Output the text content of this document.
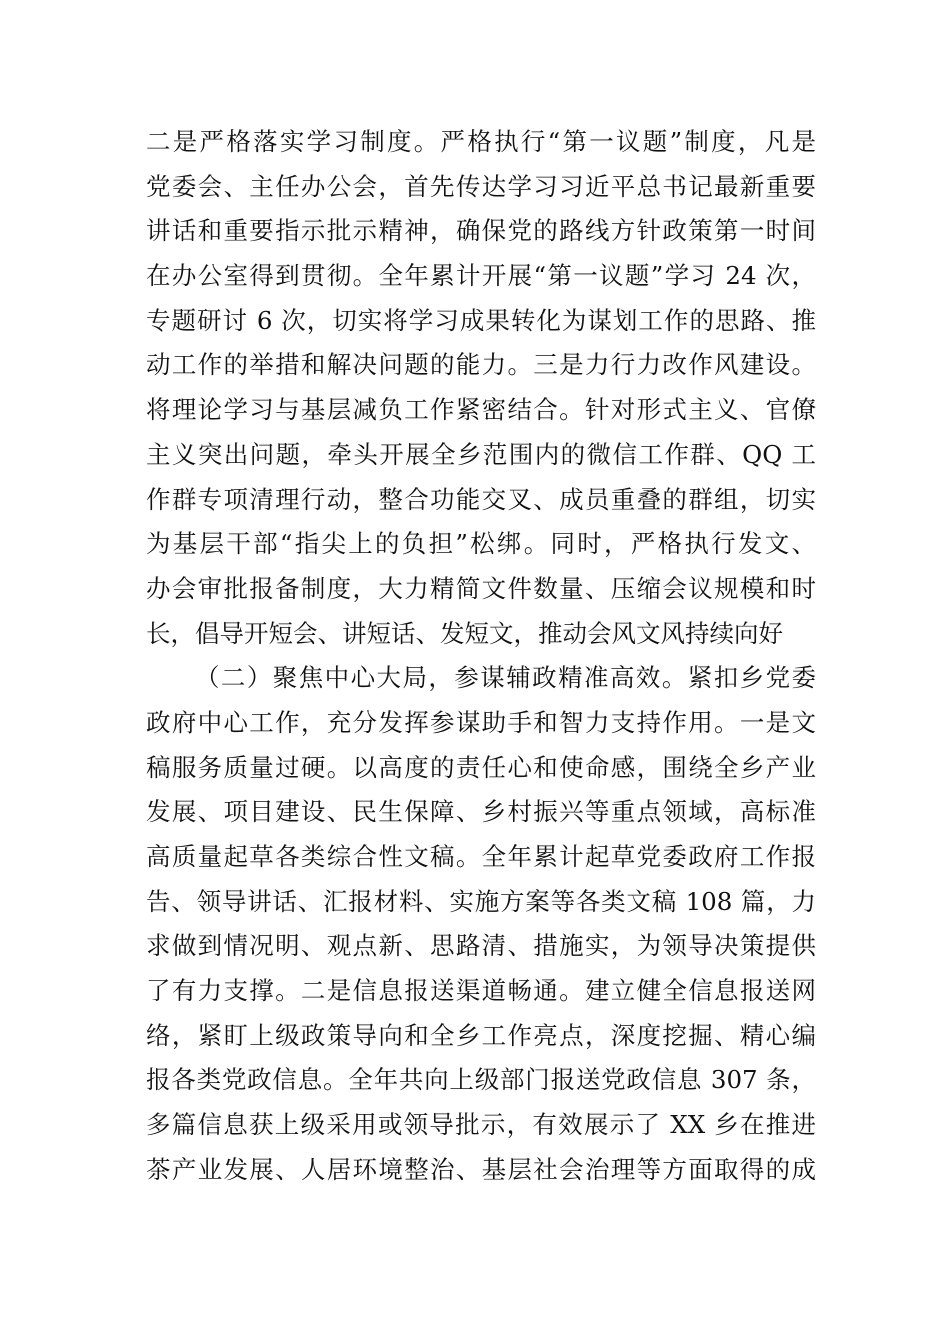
二是严格落实学习制度。严格执行“第一议题”制度，凡是
党委会、主任办公会，首先传达学习习近平总书记最新重要
讲话和重要指示批示精神，确保党的路线方针政策第一时间
在办公室得到贯彻。全年累计开展“第一议题”学习 24 次，
专题研讨 6 次，切实将学习成果转化为谋划工作的思路、推
动工作的举措和解决问题的能力。三是力行力改作风建设。
将理论学习与基层减负工作紧密结合。针对形式主义、官僚
主义突出问题，牵头开展全乡范围内的微信工作群、QQ 工
作群专项清理行动，整合功能交叉、成员重叠的群组，切实
为基层干部“指尖上的负担”松绑。同时，严格执行发文、
办会审批报备制度，大力精简文件数量、压缩会议规模和时
长，倡导开短会、讲短话、发短文，推动会风文风持续向好
（二）聚焦中心大局，参谋辅政精准高效。紧扣乡党委
政府中心工作，充分发挥参谋助手和智力支持作用。一是文
稿服务质量过硬。以高度的责任心和使命感，围绕全乡产业
发展、项目建设、民生保障、乡村振兴等重点领域，高标准
高质量起草各类综合性文稿。全年累计起草党委政府工作报
告、领导讲话、汇报材料、实施方案等各类文稿 108 篇，力
求做到情况明、观点新、思路清、措施实，为领导决策提供
了有力支撑。二是信息报送渠道畅通。建立健全信息报送网
络，紧盯上级政策导向和全乡工作亮点，深度挖掘、精心编
报各类党政信息。全年共向上级部门报送党政信息 307 条，
多篇信息获上级采用或领导批示，有效展示了 XX 乡在推进
茶产业发展、人居环境整治、基层社会治理等方面取得的成
